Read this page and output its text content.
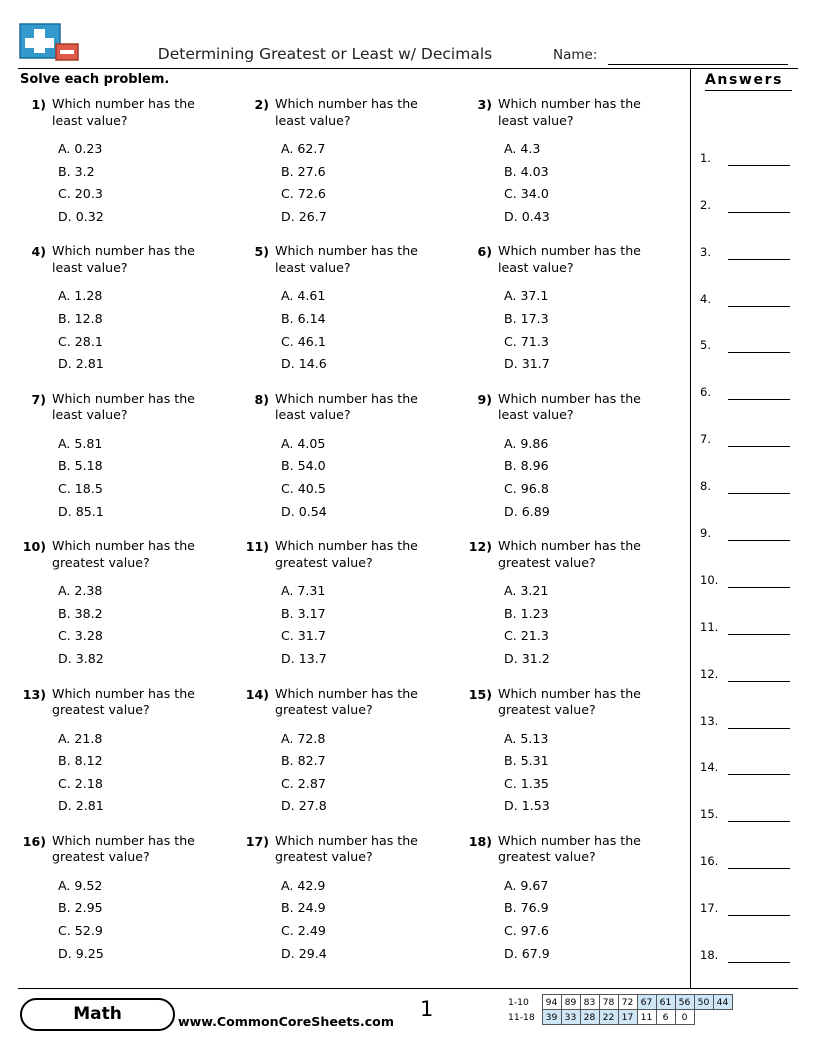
Determining Greatest or Least w/ Decimals	Name:
Solve each problem.
1) Which number has the least value?
A. 0.23
B. 3.2
C. 20.3
D. 0.32
2) Which number has the least value?
A. 62.7
B. 27.6
C. 72.6
D. 26.7
3) Which number has the least value?
A. 4.3
B. 4.03
C. 34.0
D. 0.43
4) Which number has the least value?
A. 1.28
B. 12.8
C. 28.1
D. 2.81
5) Which number has the least value?
A. 4.61
B. 6.14
C. 46.1
D. 14.6
6) Which number has the least value?
A. 37.1
B. 17.3
C. 71.3
D. 31.7
7) Which number has the least value?
A. 5.81
B. 5.18
C. 18.5
D. 85.1
8) Which number has the least value?
A. 4.05
B. 54.0
C. 40.5
D. 0.54
9) Which number has the least value?
A. 9.86
B. 8.96
C. 96.8
D. 6.89
10) Which number has the greatest value?
A. 2.38
B. 38.2
C. 3.28
D. 3.82
11) Which number has the greatest value?
A. 7.31
B. 3.17
C. 31.7
D. 13.7
12) Which number has the greatest value?
A. 3.21
B. 1.23
C. 21.3
D. 31.2
13) Which number has the greatest value?
A. 21.8
B. 8.12
C. 2.18
D. 2.81
14) Which number has the greatest value?
A. 72.8
B. 82.7
C. 2.87
D. 27.8
15) Which number has the greatest value?
A. 5.13
B. 5.31
C. 1.35
D. 1.53
16) Which number has the greatest value?
A. 9.52
B. 2.95
C. 52.9
D. 9.25
17) Which number has the greatest value?
A. 42.9
B. 24.9
C. 2.49
D. 29.4
18) Which number has the greatest value?
A. 9.67
B. 76.9
C. 97.6
D. 67.9
Answers
1.
2.
3.
4.
5.
6.
7.
8.
9.
10.
11.
12.
13.
14.
15.
16.
17.
18.
Math	www.CommonCoreSheets.com
1	1-10	94	89	83	78	72	67	61	56	50	44
11-18	39	33	28	22	17	11	6	0		
